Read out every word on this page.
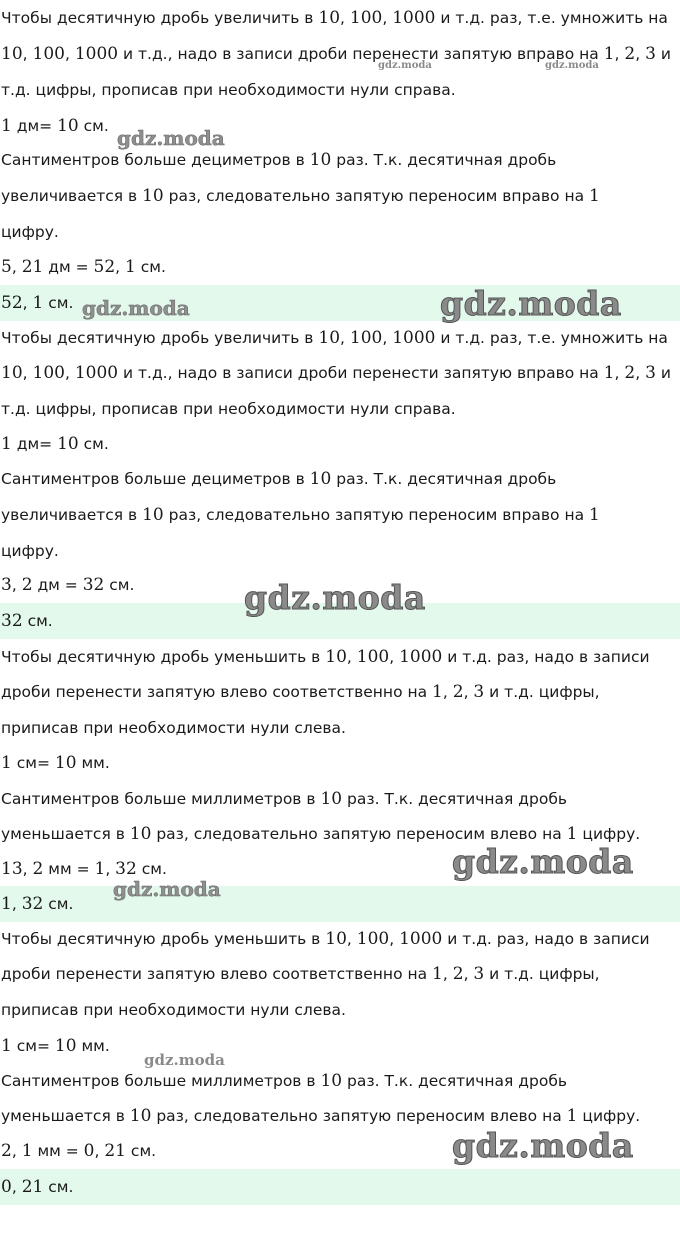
Чтобы десятичную дробь увеличить в 10, 100, 1000 и т.д. раз, т.е. умножить на
10, 100, 1000 и т.д., надо в записи дроби перенести запятую вправо на 1, 2, 3 и
т.д. цифры, прописав при необходимости нули справа.
1 дм= 10 см.
Сантиментров больше дециметров в 10 раз. Т.к. десятичная дробь
увеличивается в 10 раз, следовательно запятую переносим вправо на 1
цифру.
5, 21 дм = 52, 1 см.
52, 1 см.
Чтобы десятичную дробь увеличить в 10, 100, 1000 и т.д. раз, т.е. умножить на
10, 100, 1000 и т.д., надо в записи дроби перенести запятую вправо на 1, 2, 3 и
т.д. цифры, прописав при необходимости нули справа.
1 дм= 10 см.
Сантиментров больше дециметров в 10 раз. Т.к. десятичная дробь
увеличивается в 10 раз, следовательно запятую переносим вправо на 1
цифру.
3, 2 дм = 32 см.
32 см.
Чтобы десятичную дробь уменьшить в 10, 100, 1000 и т.д. раз, надо в записи
дроби перенести запятую влево соответственно на 1, 2, 3 и т.д. цифры,
приписав при необходимости нули слева.
1 см= 10 мм.
Сантиментров больше миллиметров в 10 раз. Т.к. десятичная дробь
уменьшается в 10 раз, следовательно запятую переносим влево на 1 цифру.
13, 2 мм = 1, 32 см.
1, 32 см.
Чтобы десятичную дробь уменьшить в 10, 100, 1000 и т.д. раз, надо в записи
дроби перенести запятую влево соответственно на 1, 2, 3 и т.д. цифры,
приписав при необходимости нули слева.
1 см= 10 мм.
Сантиментров больше миллиметров в 10 раз. Т.к. десятичная дробь
уменьшается в 10 раз, следовательно запятую переносим влево на 1 цифру.
2, 1 мм = 0, 21 см.
0, 21 см.
gdz.moda	gdz.moda
gdz.moda
gdz.moda	gdz.moda
gdz.moda
gdz.moda
gdz.moda
gdz.moda
gdz.moda
